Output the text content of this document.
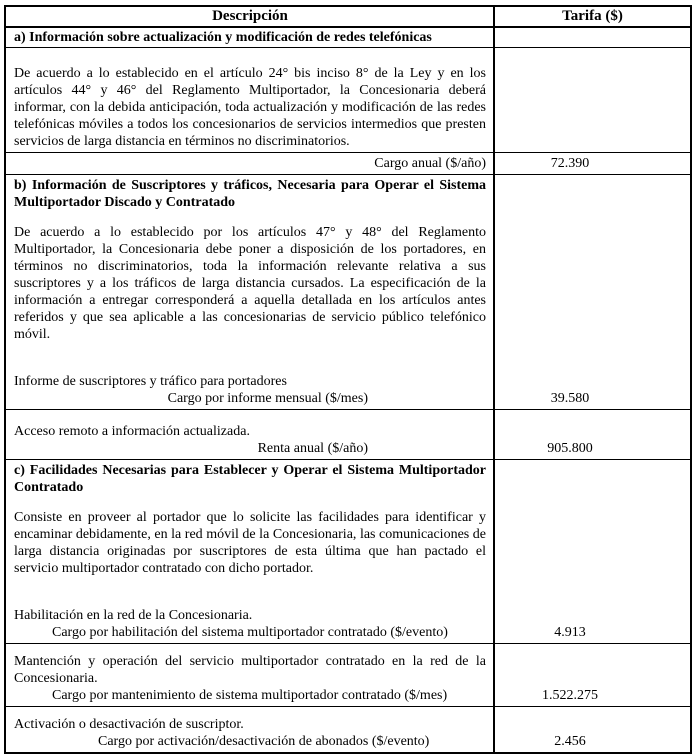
Descripción	Tarifa ($)
a) Información sobre actualización y modificación de redes telefónicas
De acuerdo a lo establecido en el artículo 24° bis inciso 8° de la Ley y en los artículos 44° y 46° del Reglamento Multiportador, la Concesionaria deberá informar, con la debida anticipación, toda actualización y modificación de las redes telefónicas móviles a todos los concesionarios de servicios intermedios que presten servicios de larga distancia en términos no discriminatorios.
Cargo anual ($/año)	72.390
b) Información de Suscriptores y tráficos, Necesaria para Operar el Sistema Multiportador Discado y Contratado
De acuerdo a lo establecido por los artículos 47° y 48° del Reglamento Multiportador, la Concesionaria debe poner a disposición de los portadores, en términos no discriminatorios, toda la información relevante relativa a sus suscriptores y a los tráficos de larga distancia cursados. La especificación de la información a entregar corresponderá a aquella detallada en los artículos antes referidos y que sea aplicable a las concesionarias de servicio público telefónico móvil.
Informe de suscriptores y tráfico para portadores
Cargo por informe mensual ($/mes)	39.580
Acceso remoto a información actualizada.
Renta anual ($/año)	905.800
c) Facilidades Necesarias para Establecer y Operar el Sistema Multiportador Contratado
Consiste en proveer al portador que lo solicite las facilidades para identificar y encaminar debidamente, en la red móvil de la Concesionaria, las comunicaciones de larga distancia originadas por suscriptores de esta última que han pactado el servicio multiportador contratado con dicho portador.
Habilitación en la red de la Concesionaria.
Cargo por habilitación del sistema multiportador contratado ($/evento)	4.913
Mantención y operación del servicio multiportador contratado en la red de la Concesionaria.
Cargo por mantenimiento de sistema multiportador contratado ($/mes)	1.522.275
Activación o desactivación de suscriptor.
Cargo por activación/desactivación de abonados ($/evento)	2.456
